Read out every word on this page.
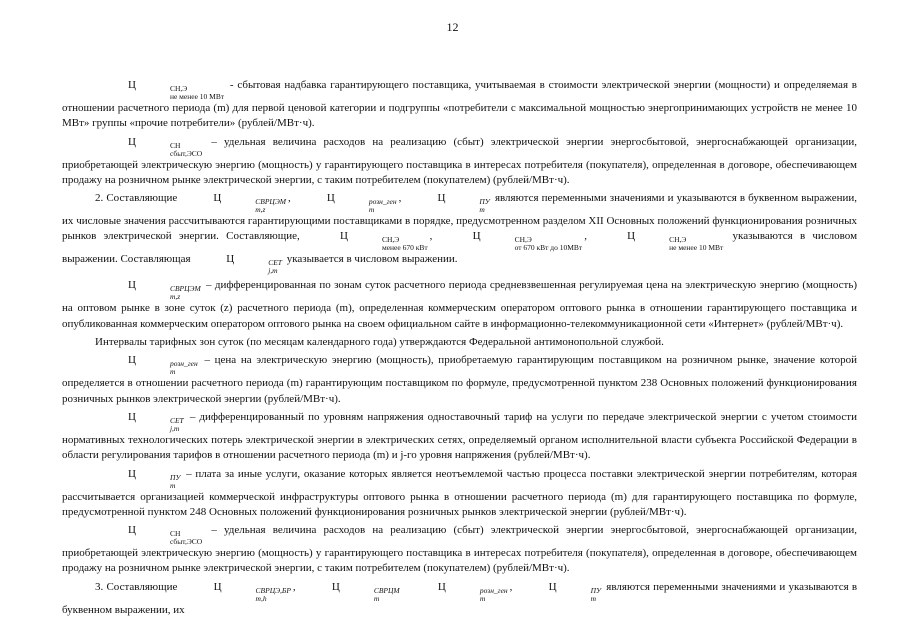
12

Ц	СН,Э
не менее 10 МВт
- сбытовая надбавка гарантирующего поставщика, учитываемая в стоимости электрической энергии (мощности) и определяемая в отношении расчетного периода (m) для первой ценовой категории и подгруппы «потребители с максимальной мощностью энергопринимающих устройств не менее 10 МВт» группы «прочие потребители» (рублей/МВт·ч).

Ц	СН
сбыт,ЭСО
– удельная величина расходов на реализацию (сбыт) электрической энергии энергосбытовой, энергоснабжающей организации, приобретающей электрическую энергию (мощность) у гарантирующего поставщика в интересах потребителя (покупателя), определенная в договоре, обеспечивающем продажу на розничном рынке электрической энергии, с таким потребителем (покупателем) (рублей/МВт·ч).

2. Составляющие	Ц	СВРЦЭМ
m,z
,	Ц	розн_ген
m
,	Ц	ПУ
m
являются переменными значениями и указываются в буквенном выражении, их числовые значения рассчитываются гарантирующими поставщиками в порядке, предусмотренном разделом XII Основных положений функционирования розничных рынков электрической энергии. Составляющие,	Ц	СН,Э
менее 670 кВт
,	Ц	СН,Э
от 670 кВт до 10МВт
,	Ц	СН,Э
не менее 10 МВт
указываются в числовом выражении. Составляющая	Ц	СЕТ
j,m
указывается в числовом выражении.

Ц	СВРЦЭМ
m,z
– дифференцированная по зонам суток расчетного периода средневзвешенная регулируемая цена на электрическую энергию (мощность) на оптовом рынке в зоне суток (z) расчетного периода (m), определенная коммерческим оператором оптового рынка в отношении гарантирующего поставщика и опубликованная коммерческим оператором оптового рынка на своем официальном сайте в информационно-телекоммуникационной сети «Интернет» (рублей/МВт·ч).

Интервалы тарифных зон суток (по месяцам календарного года) утверждаются Федеральной антимонопольной службой.

Ц	розн_ген
m
– цена на электрическую энергию (мощность), приобретаемую гарантирующим поставщиком на розничном рынке, значение которой определяется в отношении расчетного периода (m) гарантирующим поставщиком по формуле, предусмотренной пунктом 238 Основных положений функционирования розничных рынков электрической энергии (рублей/МВт·ч).

Ц	СЕТ
j,m
– дифференцированный по уровням напряжения одноставочный тариф на услуги по передаче электрической энергии с учетом стоимости нормативных технологических потерь электрической энергии в электрических сетях, определяемый органом исполнительной власти субъекта Российской Федерации в области регулирования тарифов в отношении расчетного периода (m) и j-го уровня напряжения (рублей/МВт·ч).

Ц	ПУ
m
– плата за иные услуги, оказание которых является неотъемлемой частью процесса поставки электрической энергии потребителям, которая рассчитывается организацией коммерческой инфраструктуры оптового рынка в отношении расчетного периода (m) для гарантирующего поставщика по формуле, предусмотренной пунктом 248 Основных положений функционирования розничных рынков электрической энергии (рублей/МВт·ч).

Ц	СН
сбыт,ЭСО
– удельная величина расходов на реализацию (сбыт) электрической энергии энергосбытовой, энергоснабжающей организации, приобретающей электрическую энергию (мощность) у гарантирующего поставщика в интересах потребителя (покупателя), определенная в договоре, обеспечивающем продажу на розничном рынке электрической энергии, с таким потребителем (покупателем) (рублей/МВт·ч).

3. Составляющие	Ц	СВРЦЭ,БР
m,h
,	Ц	СВРЦМ
m
Ц	розн_ген
m
,	Ц	ПУ
m
являются переменными значениями и указываются в буквенном выражении, их
